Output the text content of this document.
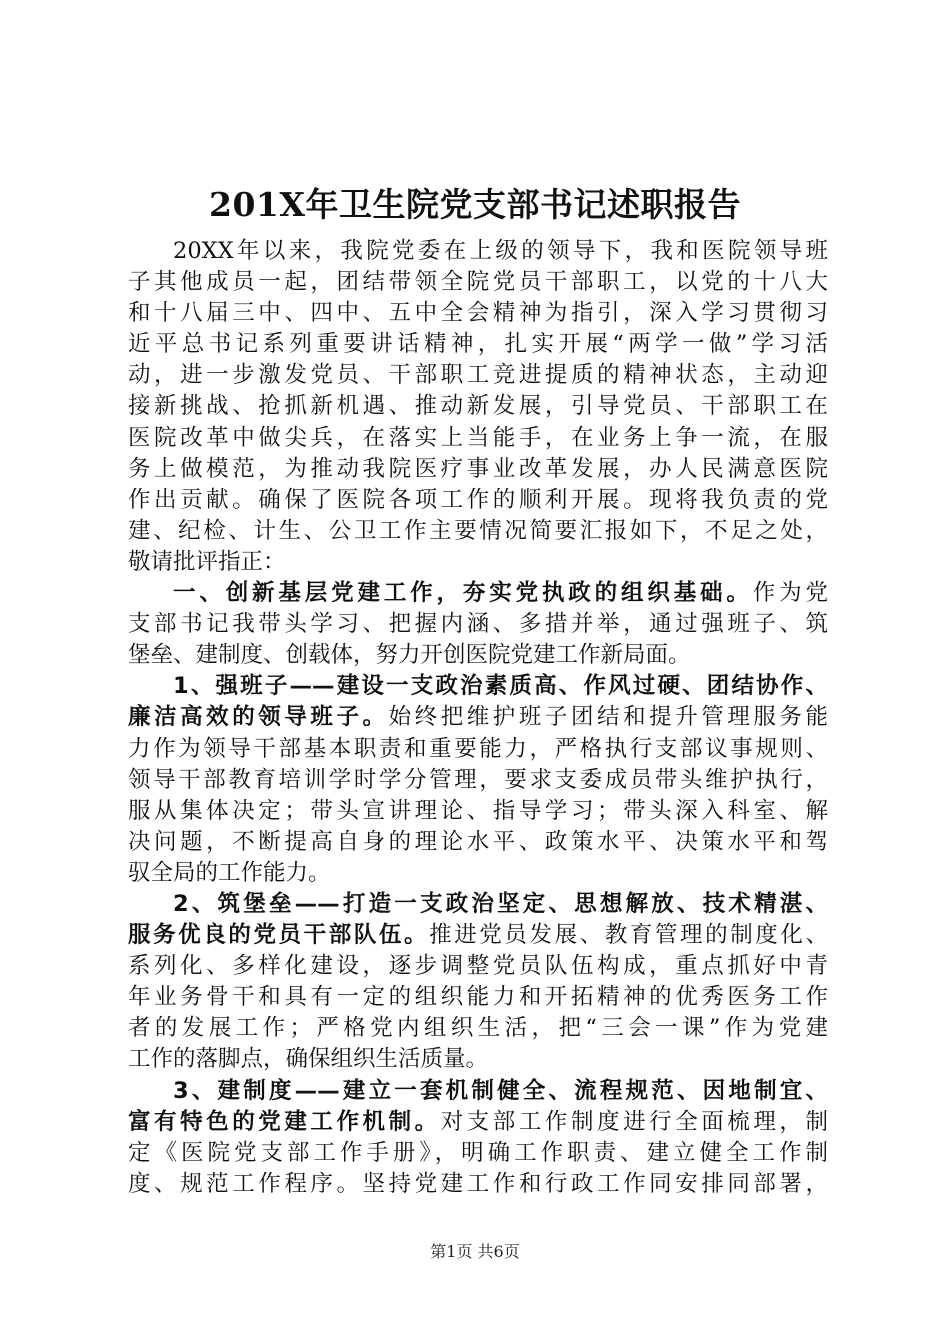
201X年卫生院党支部书记述职报告
20XX年以来，我院党委在上级的领导下，我和医院领导班
子其他成员一起，团结带领全院党员干部职工，以党的十八大
和十八届三中、四中、五中全会精神为指引，深入学习贯彻习
近平总书记系列重要讲话精神，扎实开展“两学一做”学习活
动，进一步激发党员、干部职工竞进提质的精神状态，主动迎
接新挑战、抢抓新机遇、推动新发展，引导党员、干部职工在
医院改革中做尖兵，在落实上当能手，在业务上争一流，在服
务上做模范，为推动我院医疗事业改革发展，办人民满意医院
作出贡献。确保了医院各项工作的顺利开展。现将我负责的党
建、纪检、计生、公卫工作主要情况简要汇报如下，不足之处，
敬请批评指正：
一、创新基层党建工作，夯实党执政的组织基础。作为党
支部书记我带头学习、把握内涵、多措并举，通过强班子、筑
堡垒、建制度、创载体，努力开创医院党建工作新局面。
1、强班子——建设一支政治素质高、作风过硬、团结协作、
廉洁高效的领导班子。始终把维护班子团结和提升管理服务能
力作为领导干部基本职责和重要能力，严格执行支部议事规则、
领导干部教育培训学时学分管理，要求支委成员带头维护执行，
服从集体决定；带头宣讲理论、指导学习；带头深入科室、解
决问题，不断提高自身的理论水平、政策水平、决策水平和驾
驭全局的工作能力。
2、筑堡垒——打造一支政治坚定、思想解放、技术精湛、
服务优良的党员干部队伍。推进党员发展、教育管理的制度化、
系列化、多样化建设，逐步调整党员队伍构成，重点抓好中青
年业务骨干和具有一定的组织能力和开拓精神的优秀医务工作
者的发展工作；严格党内组织生活，把“三会一课”作为党建
工作的落脚点，确保组织生活质量。
3、建制度——建立一套机制健全、流程规范、因地制宜、
富有特色的党建工作机制。对支部工作制度进行全面梳理，制
定《医院党支部工作手册》，明确工作职责、建立健全工作制
度、规范工作程序。坚持党建工作和行政工作同安排同部署，
第1页 共6页
